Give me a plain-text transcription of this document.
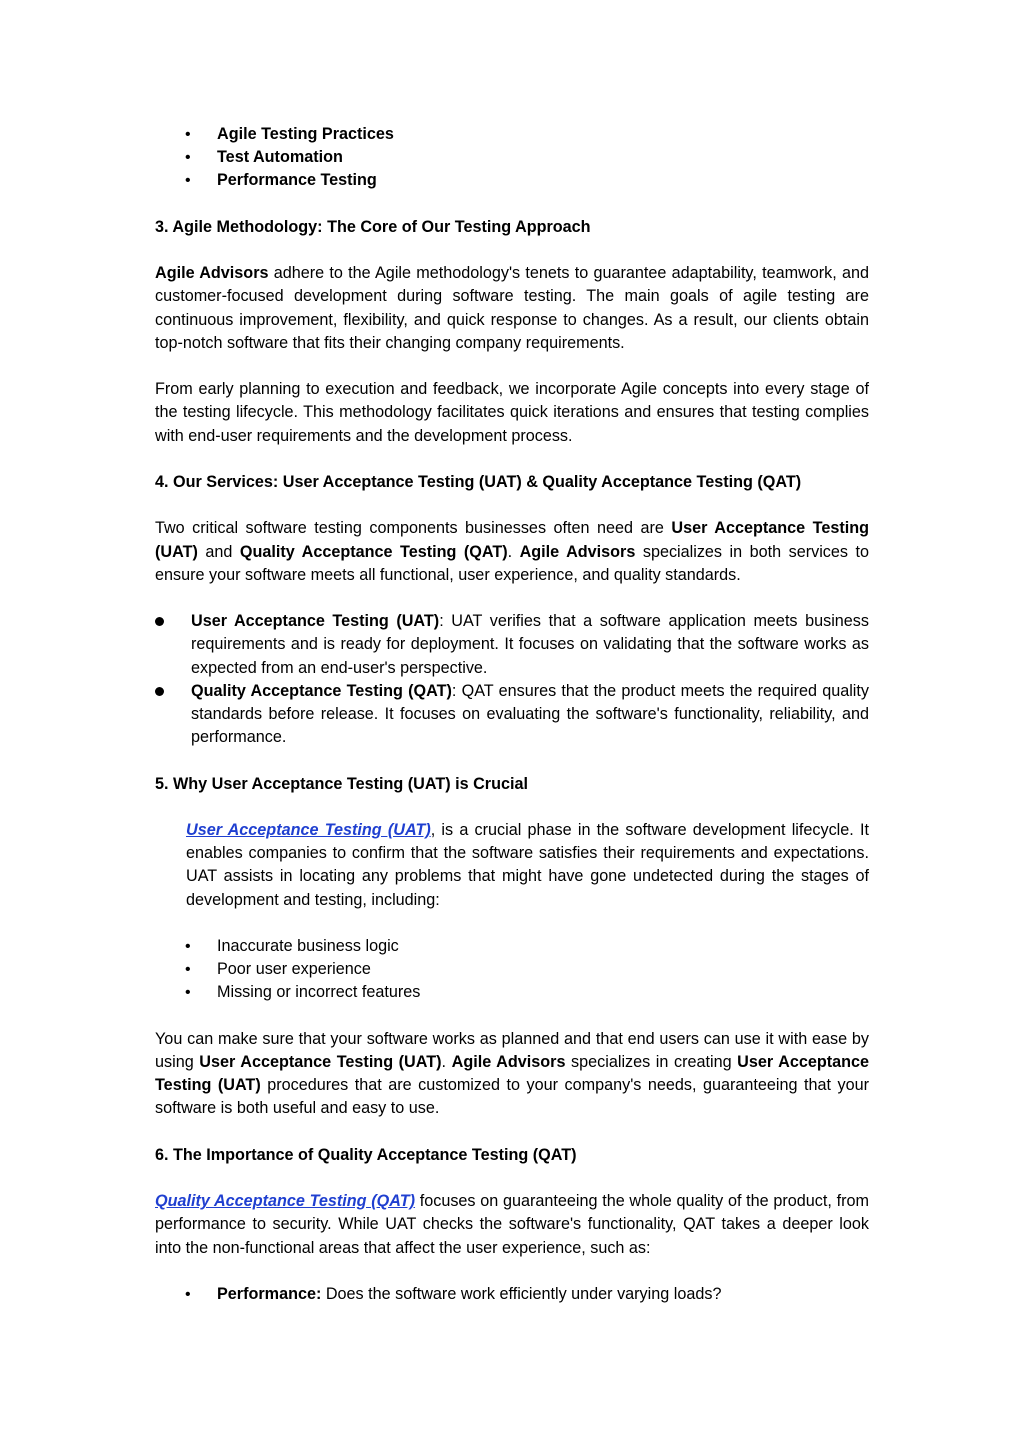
• Agile Testing Practices
• Test Automation
• Performance Testing
3. Agile Methodology: The Core of Our Testing Approach

Agile Advisors adhere to the Agile methodology's tenets to guarantee adaptability, teamwork, and customer-focused development during software testing. The main goals of agile testing are continuous improvement, flexibility, and quick response to changes. As a result, our clients obtain top-notch software that fits their changing company requirements.

From early planning to execution and feedback, we incorporate Agile concepts into every stage of the testing lifecycle. This methodology facilitates quick iterations and ensures that testing complies with end-user requirements and the development process.

4. Our Services: User Acceptance Testing (UAT) & Quality Acceptance Testing (QAT)

Two critical software testing components businesses often need are User Acceptance Testing (UAT) and Quality Acceptance Testing (QAT). Agile Advisors specializes in both services to ensure your software meets all functional, user experience, and quality standards.

User Acceptance Testing (UAT): UAT verifies that a software application meets business requirements and is ready for deployment. It focuses on validating that the software works as expected from an end-user's perspective.
Quality Acceptance Testing (QAT): QAT ensures that the product meets the required quality standards before release. It focuses on evaluating the software's functionality, reliability, and performance.
5. Why User Acceptance Testing (UAT) is Crucial

User Acceptance Testing (UAT), is a crucial phase in the software development lifecycle. It enables companies to confirm that the software satisfies their requirements and expectations. UAT assists in locating any problems that might have gone undetected during the stages of development and testing, including:

• Inaccurate business logic
• Poor user experience
• Missing or incorrect features

You can make sure that your software works as planned and that end users can use it with ease by using User Acceptance Testing (UAT). Agile Advisors specializes in creating User Acceptance Testing (UAT) procedures that are customized to your company's needs, guaranteeing that your software is both useful and easy to use.

6. The Importance of Quality Acceptance Testing (QAT)

Quality Acceptance Testing (QAT) focuses on guaranteeing the whole quality of the product, from performance to security. While UAT checks the software's functionality, QAT takes a deeper look into the non-functional areas that affect the user experience, such as:

• Performance: Does the software work efficiently under varying loads?
